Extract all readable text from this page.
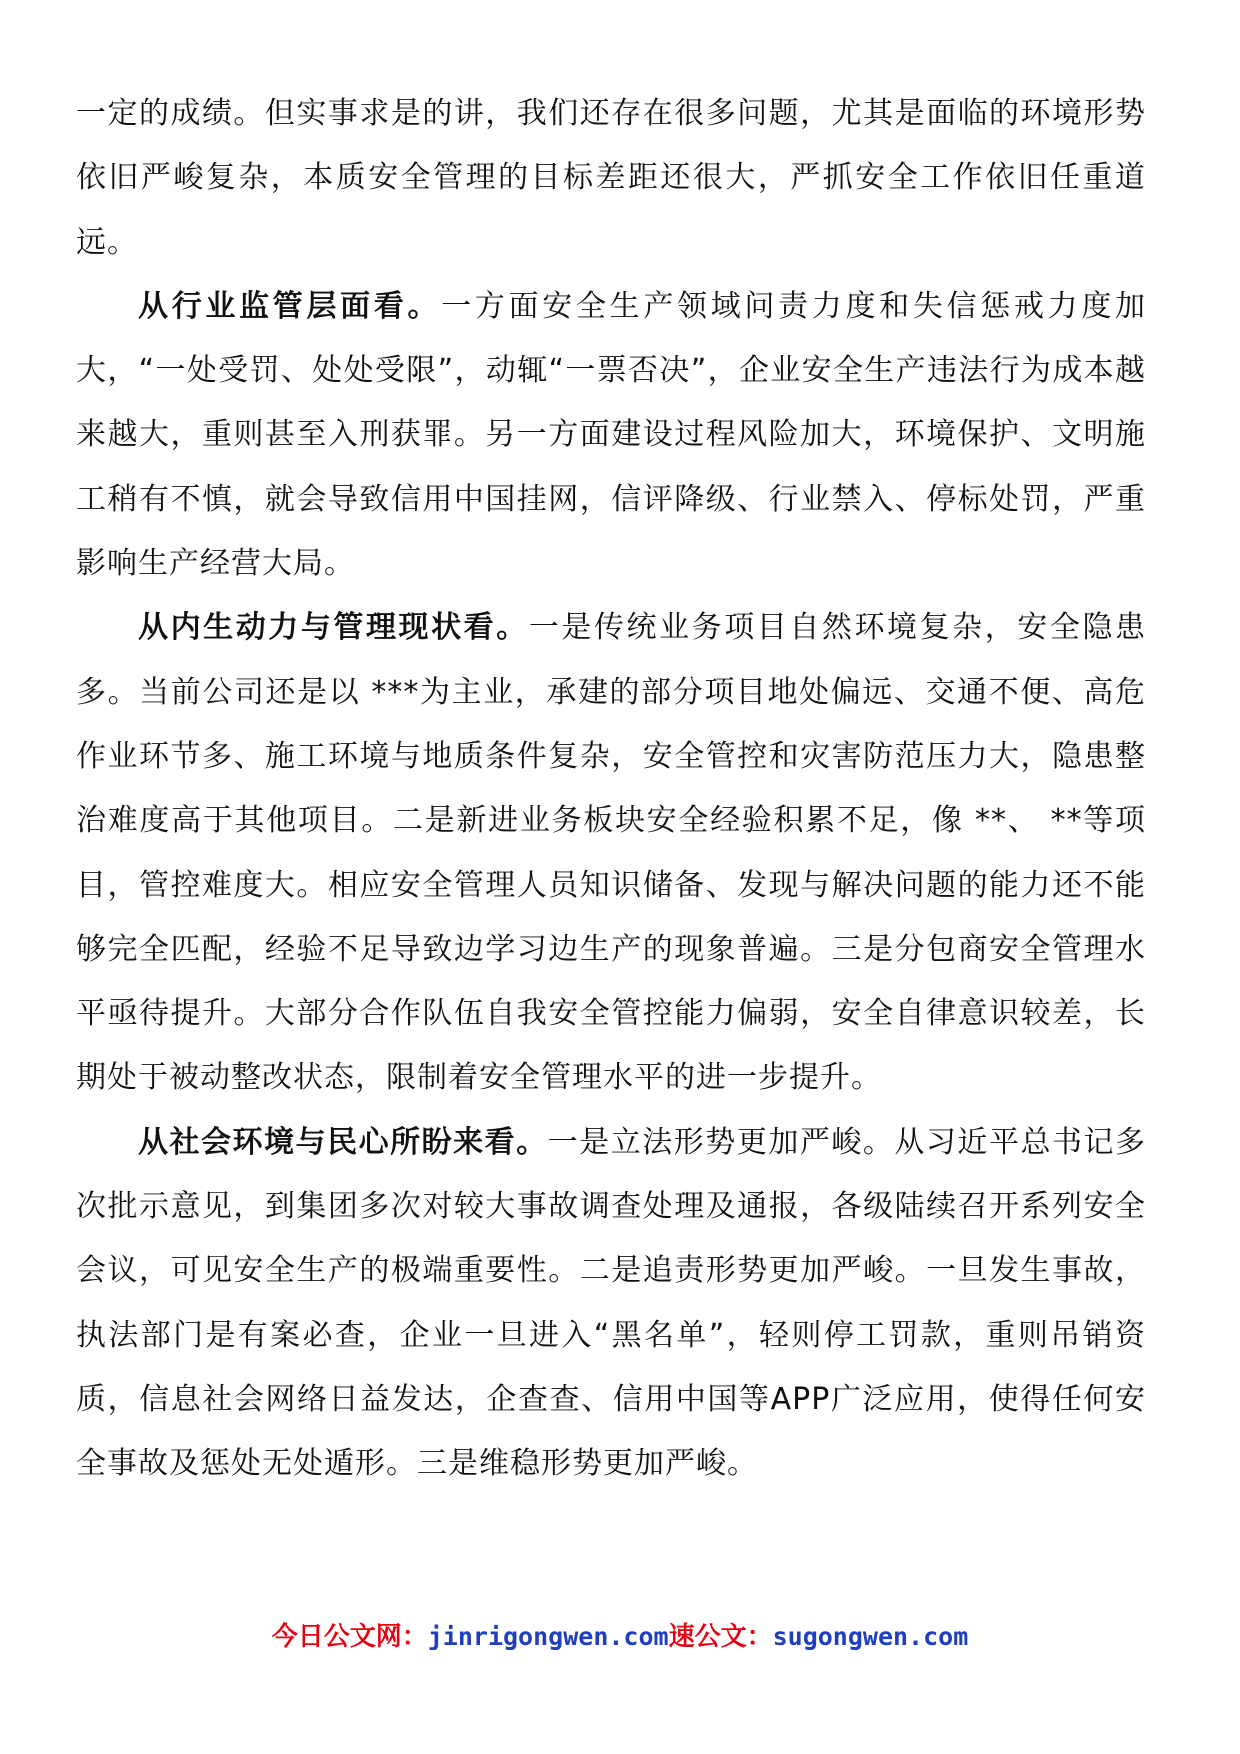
一定的成绩。但实事求是的讲，我们还存在很多问题，尤其是面临的环境形势依旧严峻复杂，本质安全管理的目标差距还很大，严抓安全工作依旧任重道远。

从行业监管层面看。一方面安全生产领域问责力度和失信惩戒力度加大，“一处受罚、处处受限”，动辄“一票否决”，企业安全生产违法行为成本越来越大，重则甚至入刑获罪。另一方面建设过程风险加大，环境保护、文明施工稍有不慎，就会导致信用中国挂网，信评降级、行业禁入、停标处罚，严重影响生产经营大局。

从内生动力与管理现状看。一是传统业务项目自然环境复杂，安全隐患多。当前公司还是以 ***为主业，承建的部分项目地处偏远、交通不便、高危作业环节多、施工环境与地质条件复杂，安全管控和灾害防范压力大，隐患整治难度高于其他项目。二是新进业务板块安全经验积累不足，像 **、 **等项目，管控难度大。相应安全管理人员知识储备、发现与解决问题的能力还不能够完全匹配，经验不足导致边学习边生产的现象普遍。三是分包商安全管理水平亟待提升。大部分合作队伍自我安全管控能力偏弱，安全自律意识较差，长期处于被动整改状态，限制着安全管理水平的进一步提升。

从社会环境与民心所盼来看。一是立法形势更加严峻。从习近平总书记多次批示意见，到集团多次对较大事故调查处理及通报，各级陆续召开系列安全会议，可见安全生产的极端重要性。二是追责形势更加严峻。一旦发生事故，执法部门是有案必查，企业一旦进入“黑名单”，轻则停工罚款，重则吊销资质，信息社会网络日益发达，企查查、信用中国等APP广泛应用，使得任何安全事故及惩处无处遁形。三是维稳形势更加严峻。

今日公文网：jinrigongwen.com速公文：sugongwen.com
